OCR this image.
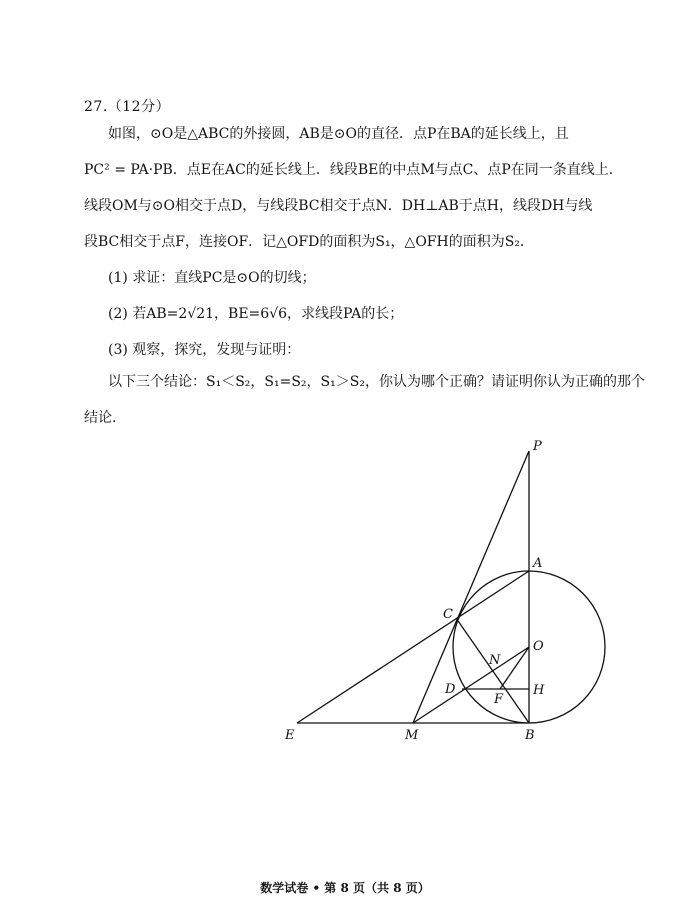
27.（12分）
如图，⊙O是△ABC的外接圆，AB是⊙O的直径．点P在BA的延长线上，且
PC² = PA·PB．点E在AC的延长线上．线段BE的中点M与点C、点P在同一条直线上．
线段OM与⊙O相交于点D，与线段BC相交于点N．DH⊥AB于点H，线段DH与线
段BC相交于点F，连接OF．记△OFD的面积为S₁，△OFH的面积为S₂．
(1) 求证：直线PC是⊙O的切线；
(2) 若AB=2√21，BE=6√6，求线段PA的长；
(3) 观察，探究，发现与证明：
以下三个结论：S₁＜S₂，S₁=S₂，S₁＞S₂，你认为哪个正确？请证明你认为正确的那个
结论.
P
A
C
O
N
D	H
F
E	M	B
数学试卷 • 第 8 页（共 8 页）
